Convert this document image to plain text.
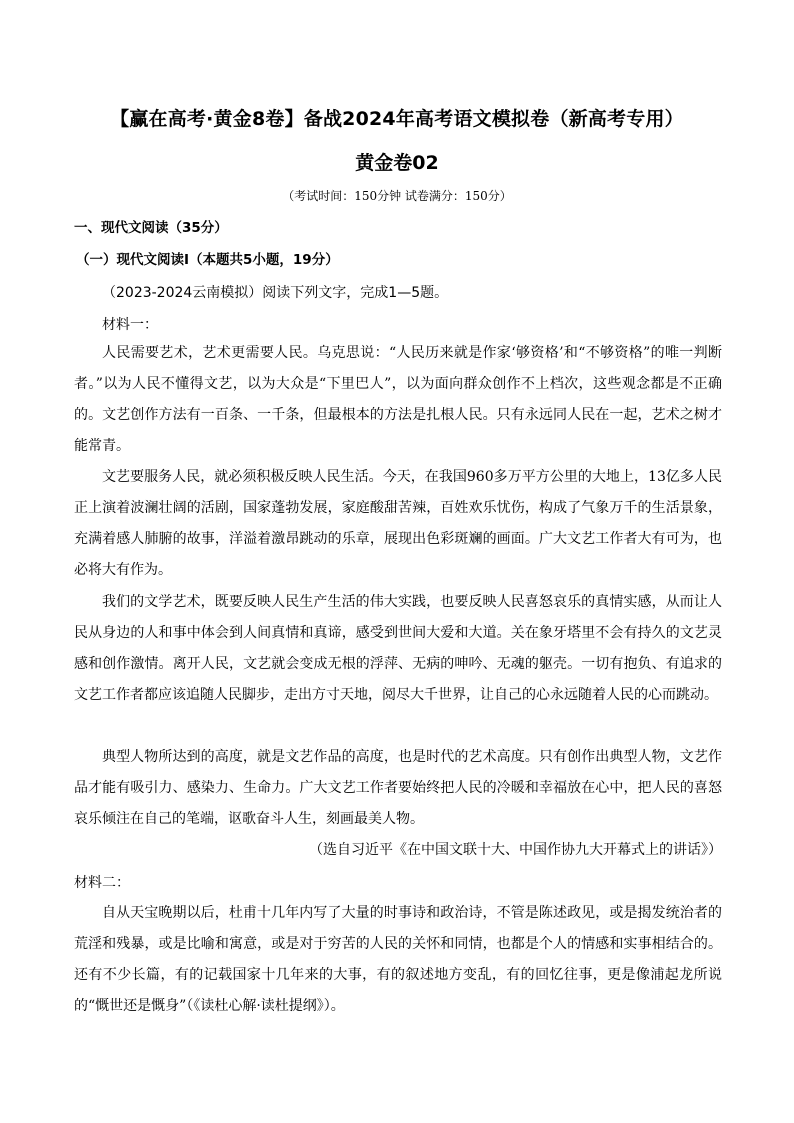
【赢在高考·黄金8卷】备战2024年高考语文模拟卷（新高考专用）
黄金卷02
（考试时间：150分钟 试卷满分：150分）
一、现代文阅读（35分）
（一）现代文阅读Ⅰ（本题共5小题，19分）
（2023-2024云南模拟）阅读下列文字，完成1—5题。
材料一：

人民需要艺术，艺术更需要人民。乌克思说：“人民历来就是作家‘够资格’和“不够资格”的唯一判断者。”以为人民不懂得文艺，以为大众是“下里巴人”，以为面向群众创作不上档次，这些观念都是不正确的。文艺创作方法有一百条、一千条，但最根本的方法是扎根人民。只有永远同人民在一起，艺术之树才能常青。

文艺要服务人民，就必须积极反映人民生活。今天，在我国960多万平方公里的大地上，13亿多人民正上演着波澜壮阔的活剧，国家蓬勃发展，家庭酸甜苦辣，百姓欢乐忧伤，构成了气象万千的生活景象，充满着感人肺腑的故事，洋溢着激昂跳动的乐章，展现出色彩斑斓的画面。广大文艺工作者大有可为，也必将大有作为。

我们的文学艺术，既要反映人民生产生活的伟大实践，也要反映人民喜怒哀乐的真情实感，从而让人民从身边的人和事中体会到人间真情和真谛，感受到世间大爱和大道。关在象牙塔里不会有持久的文艺灵感和创作激情。离开人民，文艺就会变成无根的浮萍、无病的呻吟、无魂的躯壳。一切有抱负、有追求的文艺工作者都应该追随人民脚步，走出方寸天地，阅尽大千世界，让自己的心永远随着人民的心而跳动。

典型人物所达到的高度，就是文艺作品的高度，也是时代的艺术高度。只有创作出典型人物，文艺作品才能有吸引力、感染力、生命力。广大文艺工作者要始终把人民的冷暖和幸福放在心中，把人民的喜怒哀乐倾注在自己的笔端，讴歌奋斗人生，刻画最美人物。

（选自习近平《在中国文联十大、中国作协九大开幕式上的讲话》）
材料二：

自从天宝晚期以后，杜甫十几年内写了大量的时事诗和政治诗，不管是陈述政见，或是揭发统治者的荒淫和残暴，或是比喻和寓意，或是对于穷苦的人民的关怀和同情，也都是个人的情感和实事相结合的。还有不少长篇，有的记载国家十几年来的大事，有的叙述地方变乱，有的回忆往事，更是像浦起龙所说的“慨世还是慨身”（《读杜心解·读杜提纲》）。
